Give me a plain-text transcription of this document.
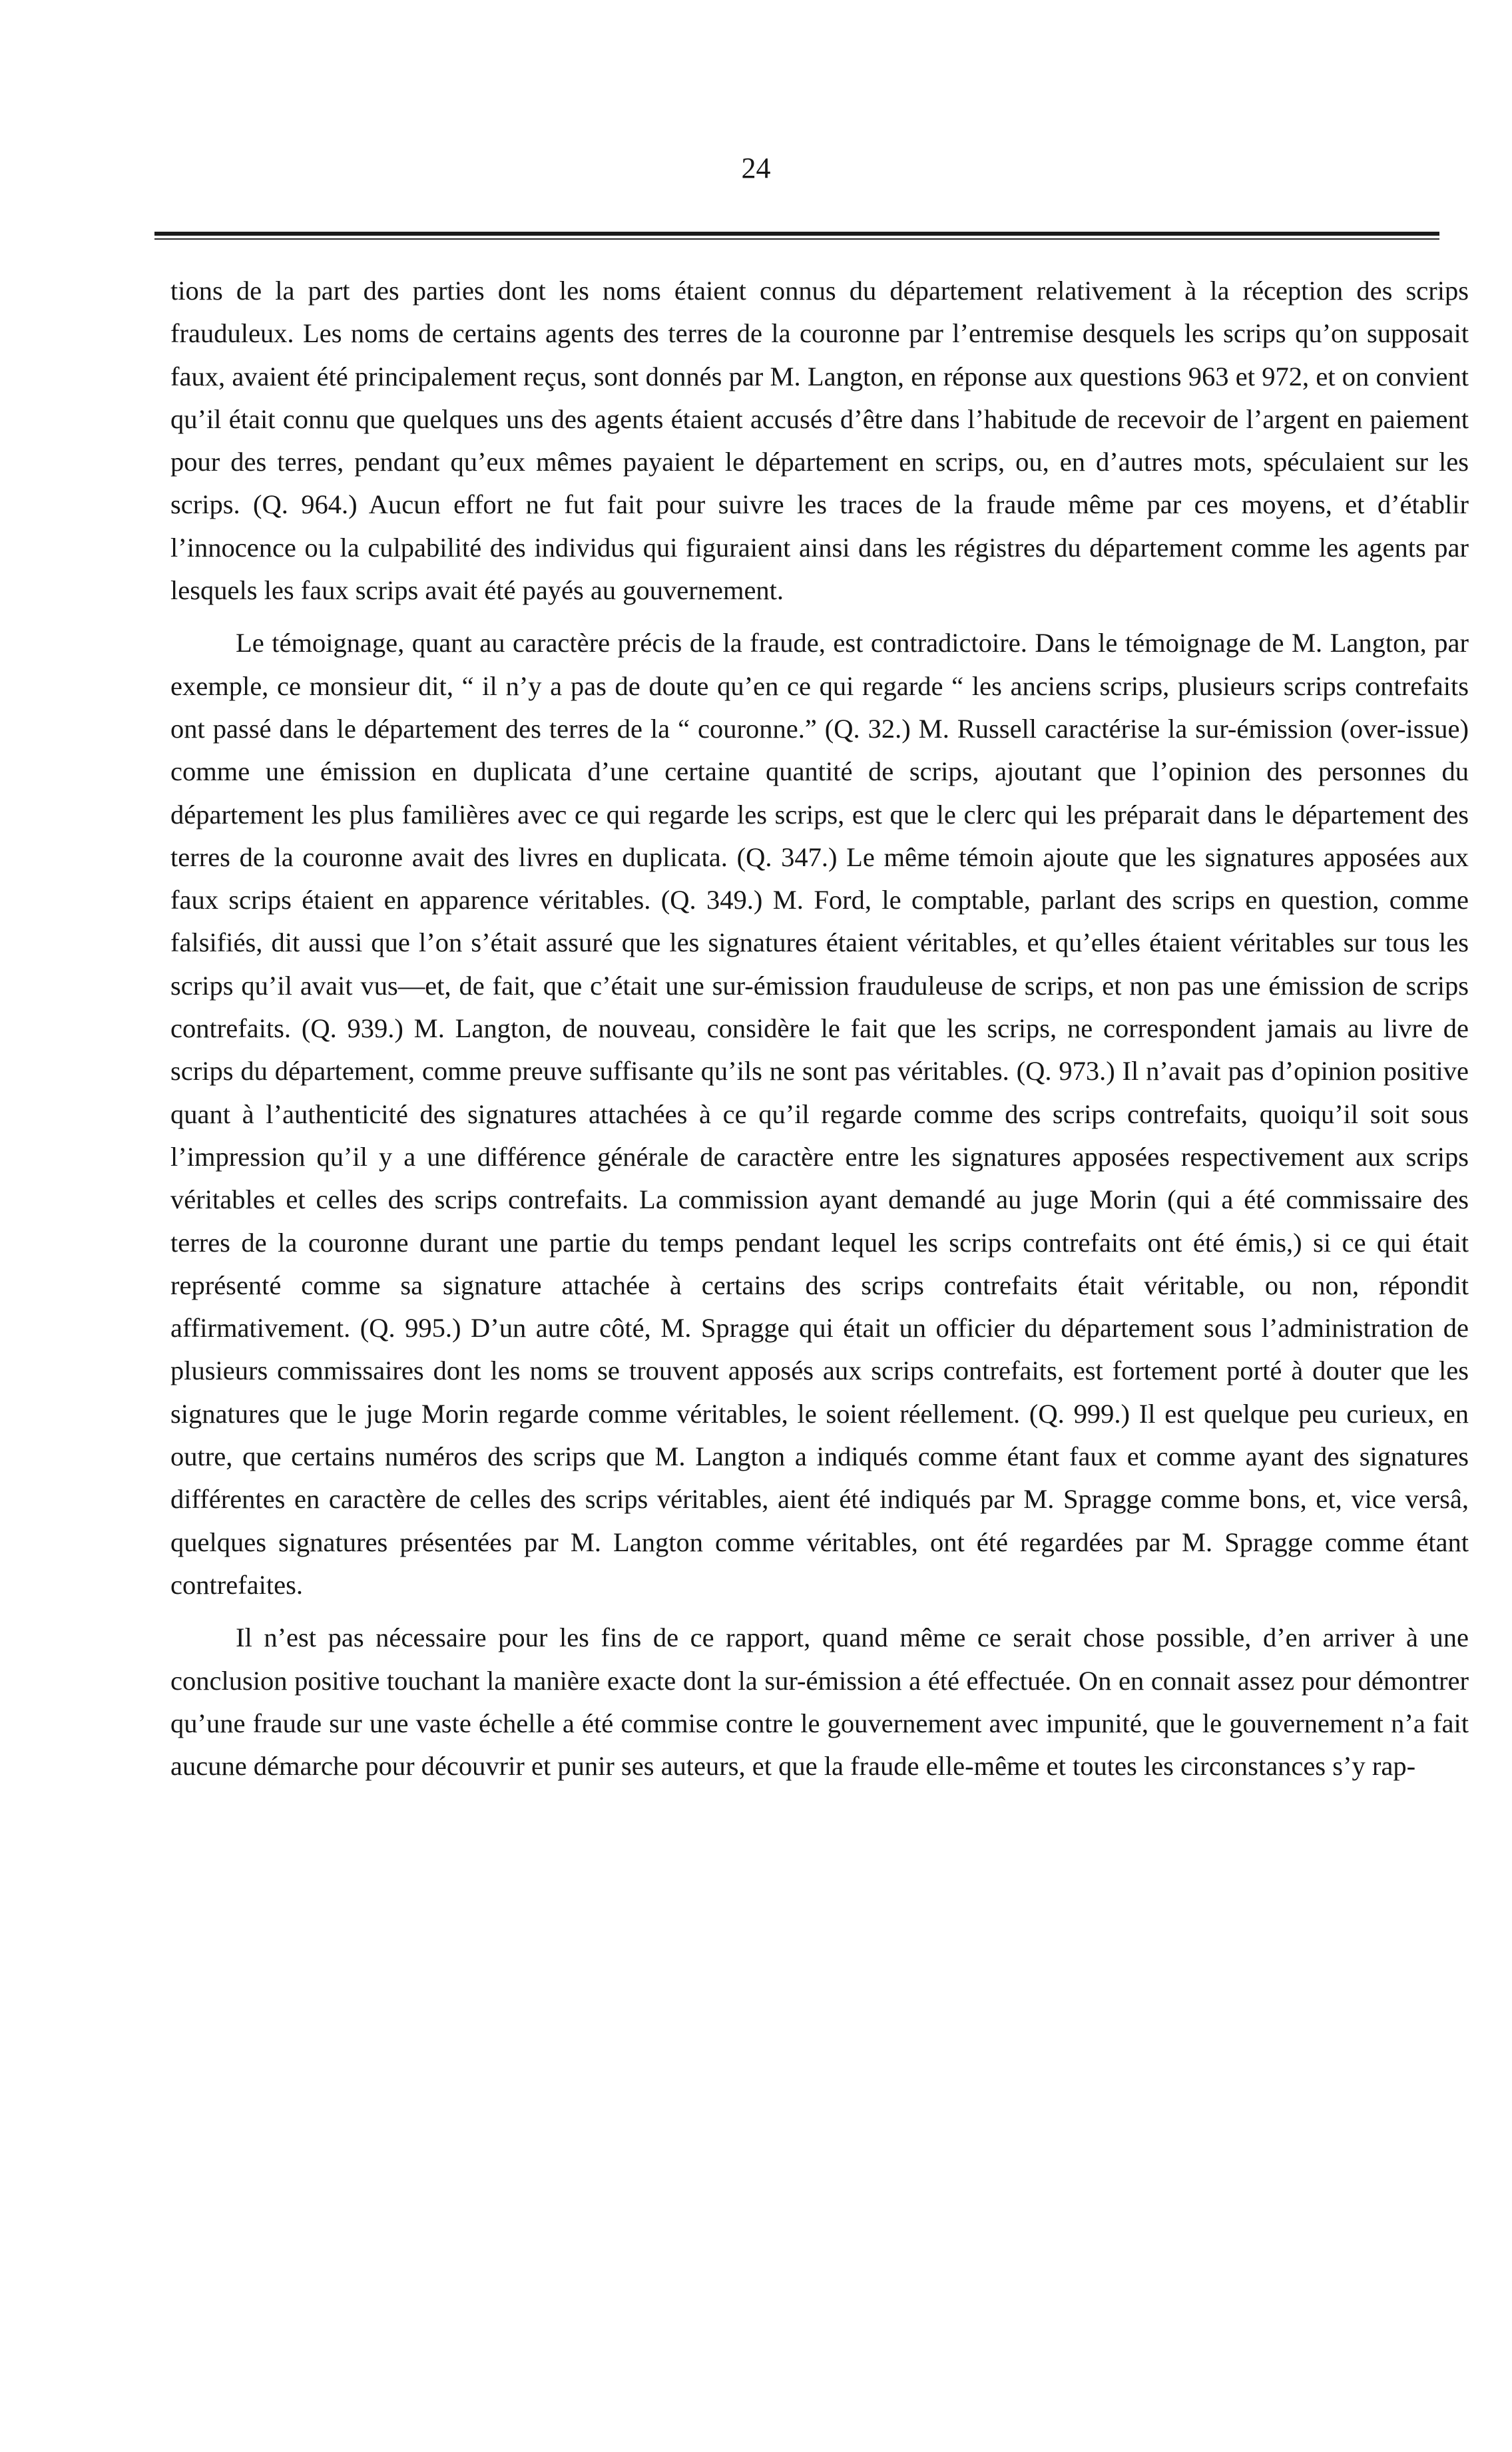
24

tions de la part des parties dont les noms étaient connus du département relativement à la réception des scrips frauduleux. Les noms de certains agents des terres de la couronne par l’entremise desquels les scrips qu’on supposait faux, avaient été principalement reçus, sont donnés par M. Langton, en réponse aux questions 963 et 972, et on convient qu’il était connu que quelques uns des agents étaient accusés d’être dans l’habitude de recevoir de l’argent en paiement pour des terres, pendant qu’eux mêmes payaient le département en scrips, ou, en d’autres mots, spéculaient sur les scrips. (Q. 964.) Aucun effort ne fut fait pour suivre les traces de la fraude même par ces moyens, et d’établir l’innocence ou la culpabilité des individus qui figuraient ainsi dans les régistres du département comme les agents par lesquels les faux scrips avait été payés au gouvernement.

Le témoignage, quant au caractère précis de la fraude, est contradictoire. Dans le témoignage de M. Langton, par exemple, ce monsieur dit, “ il n’y a pas de doute qu’en ce qui regarde “ les anciens scrips, plusieurs scrips contrefaits ont passé dans le département des terres de la “ couronne.” (Q. 32.) M. Russell caractérise la sur-émission (over-issue) comme une émission en duplicata d’une certaine quantité de scrips, ajoutant que l’opinion des personnes du département les plus familières avec ce qui regarde les scrips, est que le clerc qui les préparait dans le département des terres de la couronne avait des livres en duplicata. (Q. 347.) Le même témoin ajoute que les signatures apposées aux faux scrips étaient en apparence véritables. (Q. 349.) M. Ford, le comptable, parlant des scrips en question, comme falsifiés, dit aussi que l’on s’était assuré que les signatures étaient véritables, et qu’elles étaient véritables sur tous les scrips qu’il avait vus—et, de fait, que c’était une sur-émission frauduleuse de scrips, et non pas une émission de scrips contrefaits. (Q. 939.) M. Langton, de nouveau, considère le fait que les scrips, ne correspondent jamais au livre de scrips du département, comme preuve suffisante qu’ils ne sont pas véritables. (Q. 973.) Il n’avait pas d’opinion positive quant à l’authenticité des signatures attachées à ce qu’il regarde comme des scrips contrefaits, quoiqu’il soit sous l’impression qu’il y a une différence générale de caractère entre les signatures apposées respectivement aux scrips véritables et celles des scrips contrefaits. La commission ayant demandé au juge Morin (qui a été commissaire des terres de la couronne durant une partie du temps pendant lequel les scrips contrefaits ont été émis,) si ce qui était représenté comme sa signature attachée à certains des scrips contrefaits était véritable, ou non, répondit affirmativement. (Q. 995.) D’un autre côté, M. Spragge qui était un officier du département sous l’administration de plusieurs commissaires dont les noms se trouvent apposés aux scrips contrefaits, est fortement porté à douter que les signatures que le juge Morin regarde comme véritables, le soient réellement. (Q. 999.) Il est quelque peu curieux, en outre, que certains numéros des scrips que M. Langton a indiqués comme étant faux et comme ayant des signatures différentes en caractère de celles des scrips véritables, aient été indiqués par M. Spragge comme bons, et, vice versâ, quelques signatures présentées par M. Langton comme véritables, ont été regardées par M. Spragge comme étant contrefaites.

Il n’est pas nécessaire pour les fins de ce rapport, quand même ce serait chose possible, d’en arriver à une conclusion positive touchant la manière exacte dont la sur-émission a été effectuée. On en connait assez pour démontrer qu’une fraude sur une vaste échelle a été commise contre le gouvernement avec impunité, que le gouvernement n’a fait aucune démarche pour découvrir et punir ses auteurs, et que la fraude elle-même et toutes les circonstances s’y rap-
